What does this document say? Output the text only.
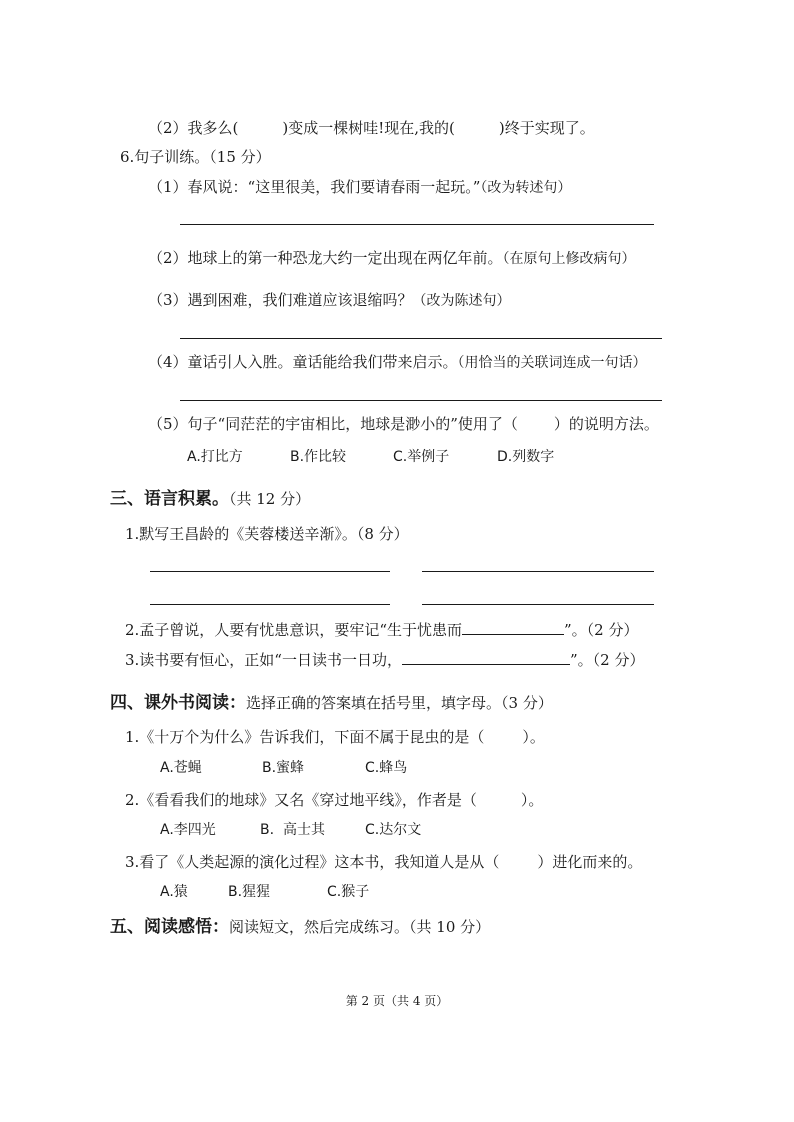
（2）我多么(	)变成一棵树哇!现在,我的(	)终于实现了。
6.句子训练。（15 分）
（1）春风说：“这里很美，我们要请春雨一起玩。”（改为转述句）
（2）地球上的第一种恐龙大约一定出现在两亿年前。（在原句上修改病句）
（3）遇到困难，我们难道应该退缩吗？（改为陈述句）
（4）童话引人入胜。童话能给我们带来启示。（用恰当的关联词连成一句话）
（5）句子“同茫茫的宇宙相比，地球是渺小的”使用了（ ）的说明方法。
A.打比方	B.作比较	C.举例子	D.列数字
三、语言积累。（共 12 分）
1.默写王昌龄的《芙蓉楼送辛渐》。（8 分）
2.孟子曾说，人要有忧患意识，要牢记“生于忧患而	”。（2 分）
3.读书要有恒心，正如“一日读书一日功，	”。（2 分）
四、课外书阅读：选择正确的答案填在括号里，填字母。（3 分）
1.《十万个为什么》告诉我们，下面不属于昆虫的是（	）。
A.苍蝇	B.蜜蜂	C.蜂鸟
2.《看看我们的地球》又名《穿过地平线》，作者是（	）。
A.李四光	B.  高士其	C.达尔文
3.看了《人类起源的演化过程》这本书，我知道人是从（	）进化而来的。
A.猿	B.猩猩	C.猴子
五、阅读感悟：阅读短文，然后完成练习。（共 10 分）
第 2 页（共 4 页）
